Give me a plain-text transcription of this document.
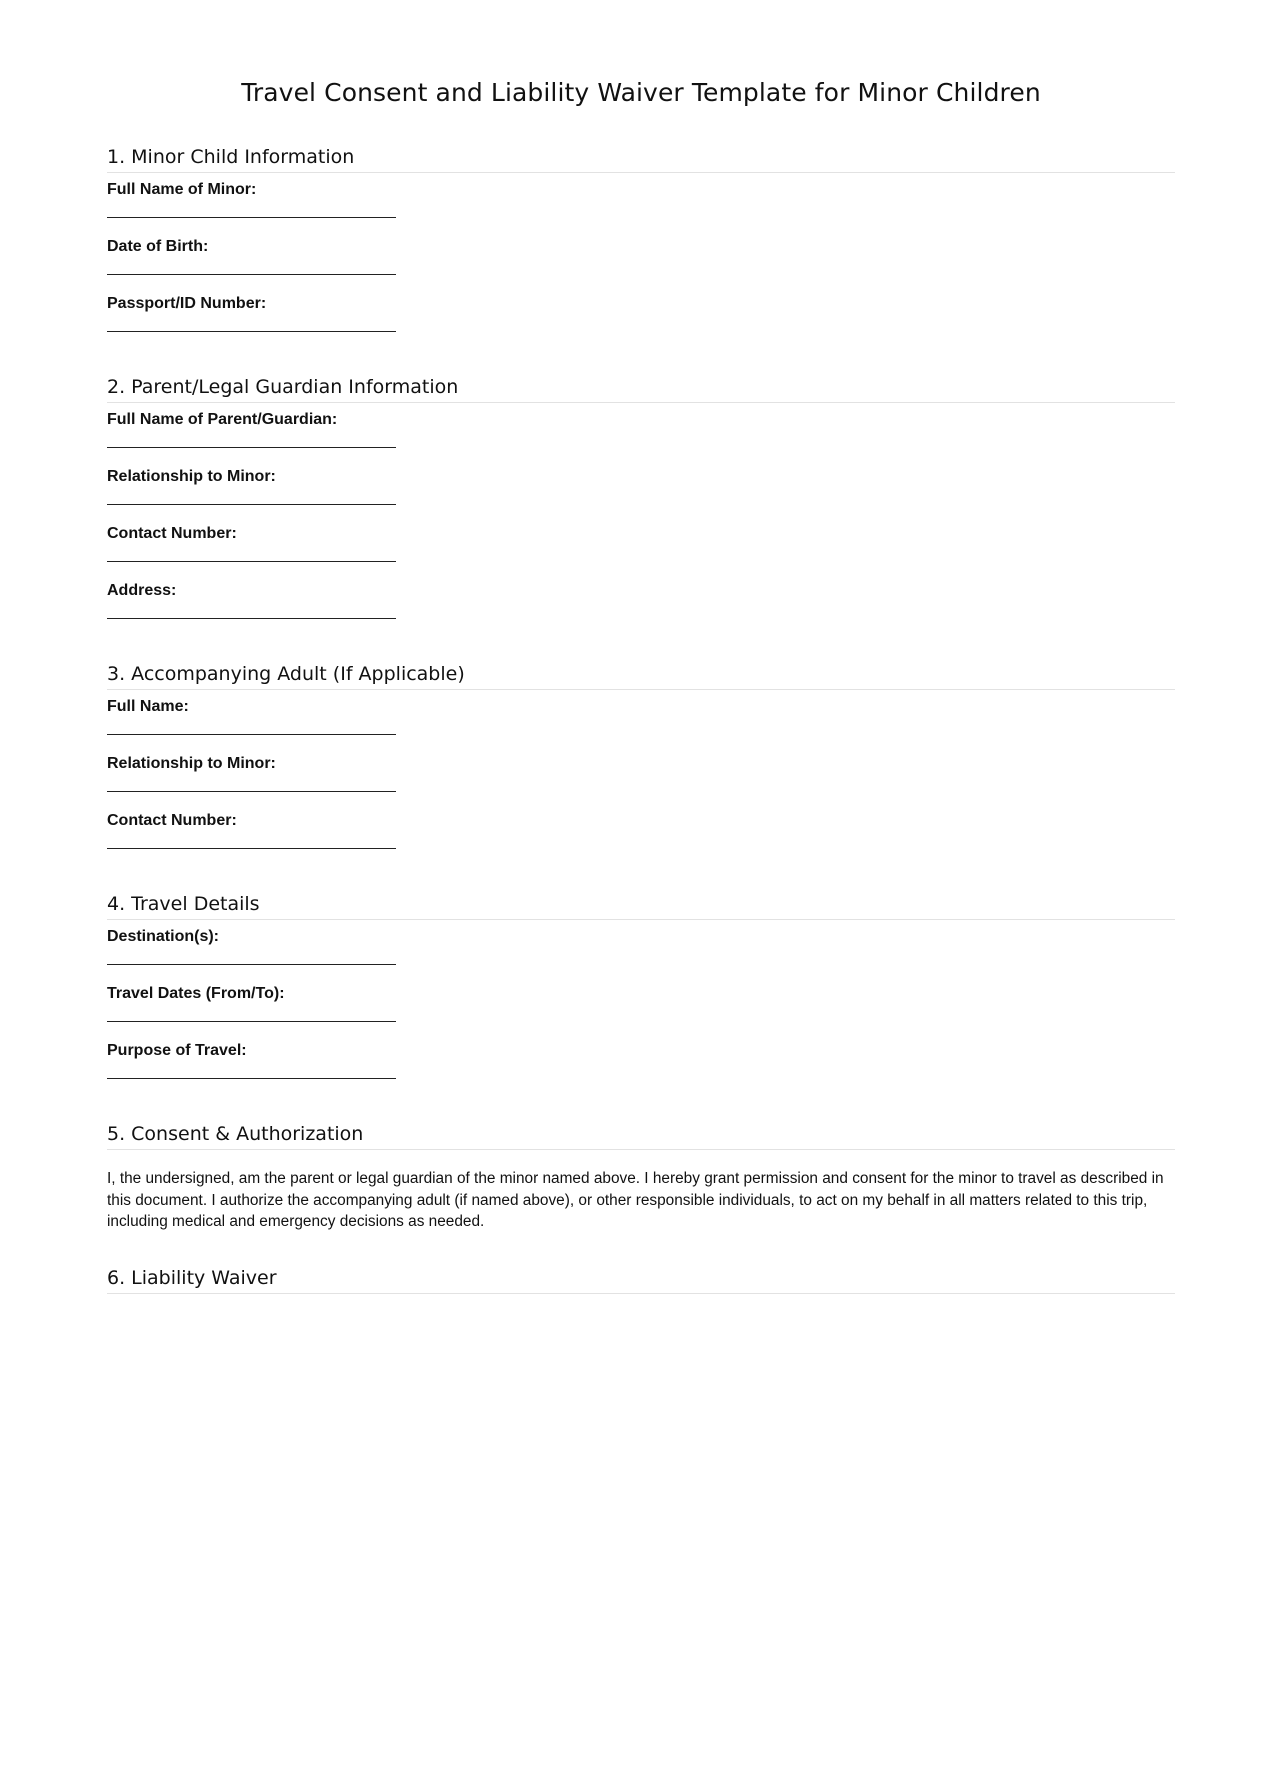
Travel Consent and Liability Waiver Template for Minor Children
1. Minor Child Information
Full Name of Minor:
Date of Birth:
Passport/ID Number:
2. Parent/Legal Guardian Information
Full Name of Parent/Guardian:
Relationship to Minor:
Contact Number:
Address:
3. Accompanying Adult (If Applicable)
Full Name:
Relationship to Minor:
Contact Number:
4. Travel Details
Destination(s):
Travel Dates (From/To):
Purpose of Travel:
5. Consent & Authorization

I, the undersigned, am the parent or legal guardian of the minor named above. I hereby grant permission and consent for the minor to travel as described in this document. I authorize the accompanying adult (if named above), or other responsible individuals, to act on my behalf in all matters related to this trip, including medical and emergency decisions as needed.

6. Liability Waiver
